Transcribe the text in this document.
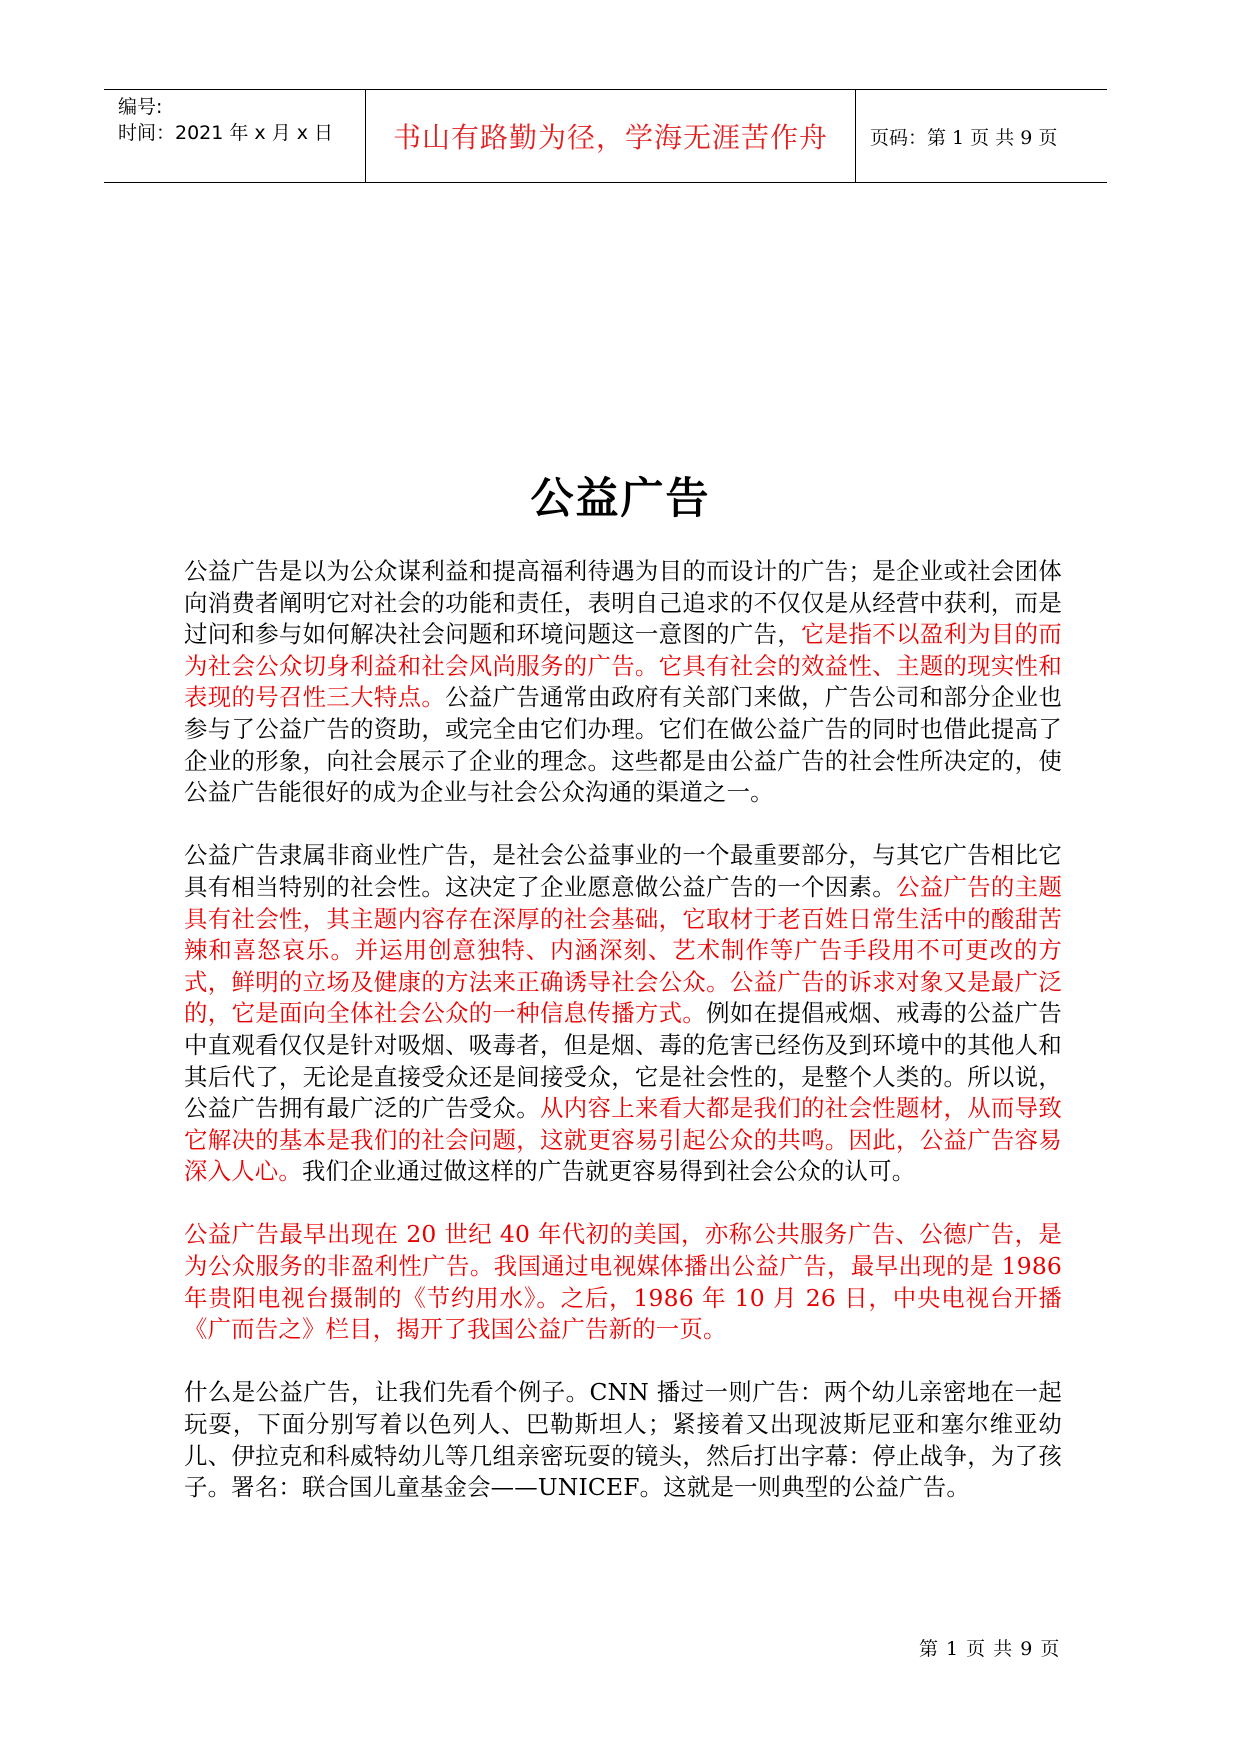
编号:
时间：2021 年 x 月 x 日	书山有路勤为径，学海无涯苦作舟	页码：第 1 页 共 9 页
公益广告

公益广告是以为公众谋利益和提高福利待遇为目的而设计的广告；是企业或社会团体向消费者阐明它对社会的功能和责任，表明自己追求的不仅仅是从经营中获利，而是过问和参与如何解决社会问题和环境问题这一意图的广告，它是指不以盈利为目的而为社会公众切身利益和社会风尚服务的广告。它具有社会的效益性、主题的现实性和表现的号召性三大特点。公益广告通常由政府有关部门来做，广告公司和部分企业也参与了公益广告的资助，或完全由它们办理。它们在做公益广告的同时也借此提高了企业的形象，向社会展示了企业的理念。这些都是由公益广告的社会性所决定的，使公益广告能很好的成为企业与社会公众沟通的渠道之一。

公益广告隶属非商业性广告，是社会公益事业的一个最重要部分，与其它广告相比它具有相当特别的社会性。这决定了企业愿意做公益广告的一个因素。公益广告的主题具有社会性，其主题内容存在深厚的社会基础，它取材于老百姓日常生活中的酸甜苦辣和喜怒哀乐。并运用创意独特、内涵深刻、艺术制作等广告手段用不可更改的方式，鲜明的立场及健康的方法来正确诱导社会公众。公益广告的诉求对象又是最广泛的，它是面向全体社会公众的一种信息传播方式。例如在提倡戒烟、戒毒的公益广告中直观看仅仅是针对吸烟、吸毒者，但是烟、毒的危害已经伤及到环境中的其他人和其后代了，无论是直接受众还是间接受众，它是社会性的，是整个人类的。所以说，公益广告拥有最广泛的广告受众。从内容上来看大都是我们的社会性题材，从而导致它解决的基本是我们的社会问题，这就更容易引起公众的共鸣。因此，公益广告容易深入人心。我们企业通过做这样的广告就更容易得到社会公众的认可。

公益广告最早出现在 20 世纪 40 年代初的美国，亦称公共服务广告、公德广告，是为公众服务的非盈利性广告。我国通过电视媒体播出公益广告，最早出现的是 1986 年贵阳电视台摄制的《节约用水》。之后，1986 年 10 月 26 日，中央电视台开播《广而告之》栏目，揭开了我国公益广告新的一页。

什么是公益广告，让我们先看个例子。CNN 播过一则广告：两个幼儿亲密地在一起玩耍，下面分别写着以色列人、巴勒斯坦人；紧接着又出现波斯尼亚和塞尔维亚幼儿、伊拉克和科威特幼儿等几组亲密玩耍的镜头，然后打出字幕：停止战争，为了孩子。署名：联合国儿童基金会——UNICEF。这就是一则典型的公益广告。

第 1 页 共 9 页
